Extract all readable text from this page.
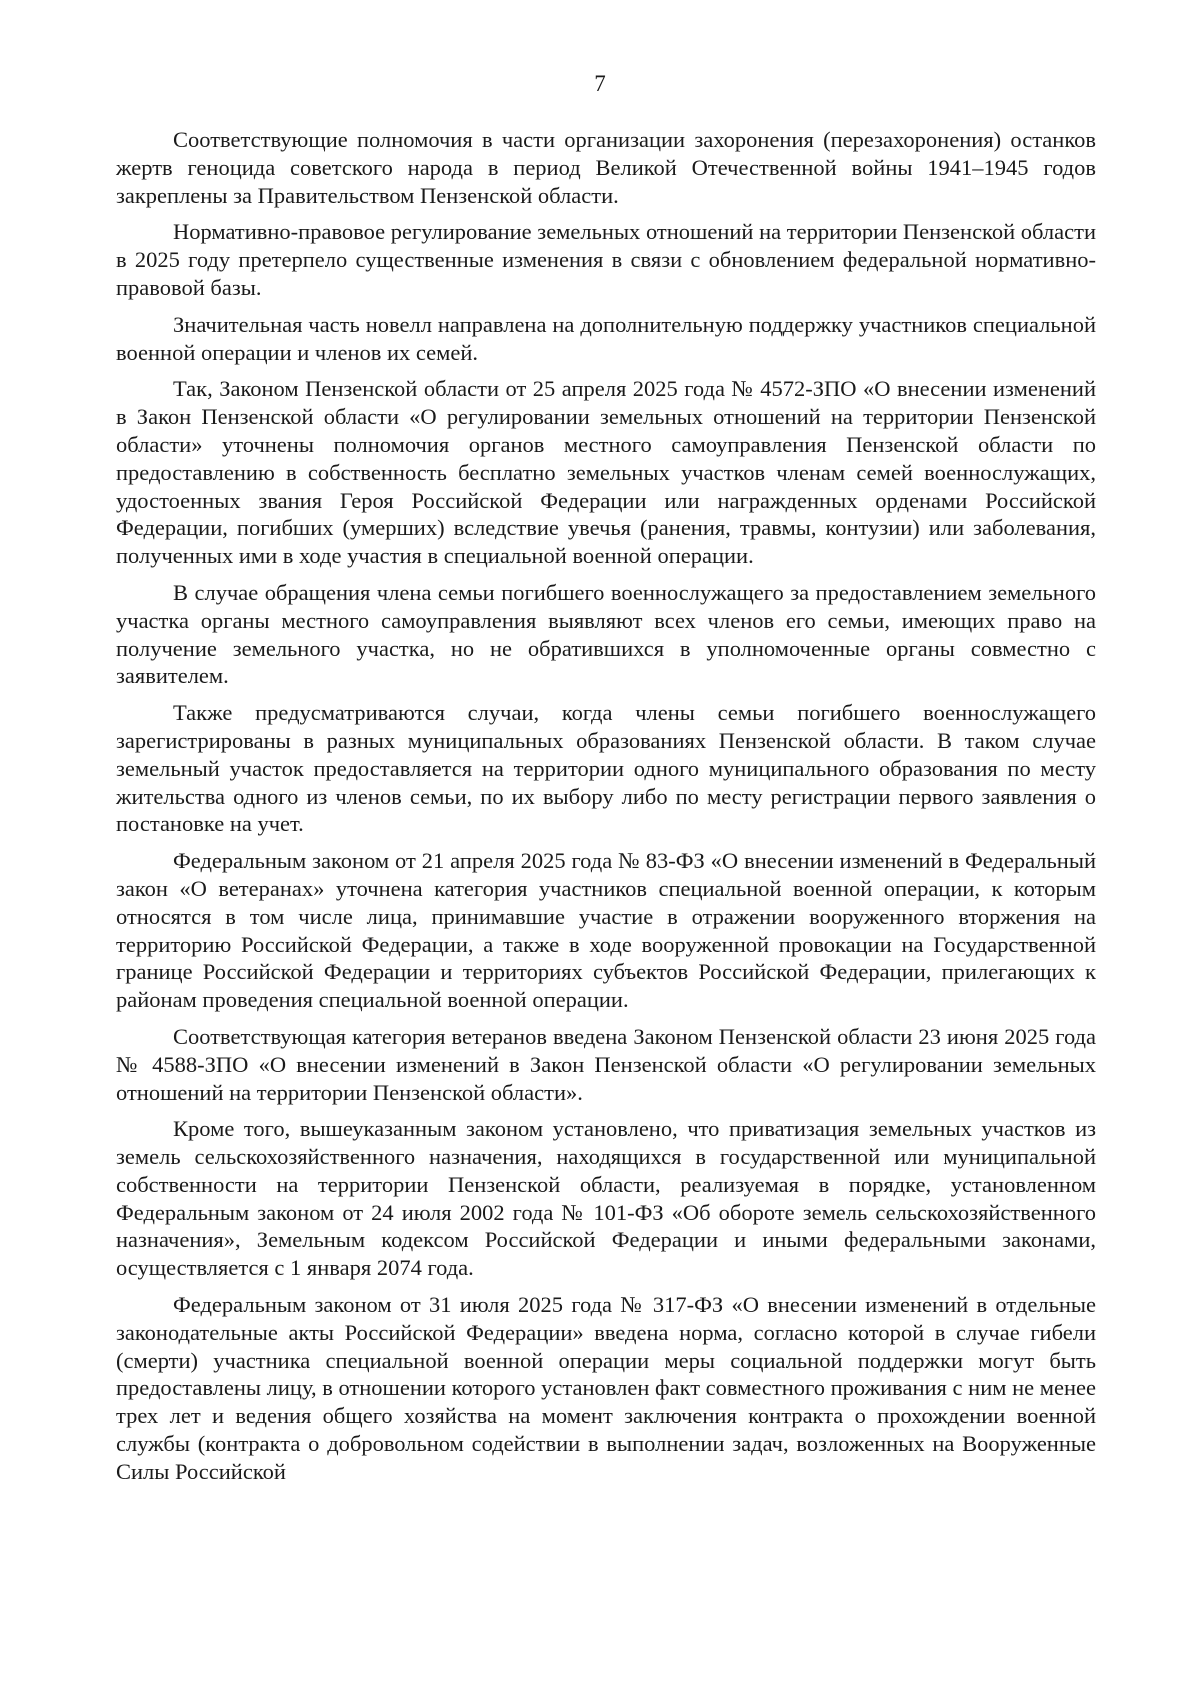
7

Соответствующие полномочия в части организации захоронения (перезахоронения) останков жертв геноцида советского народа в период Великой Отечественной войны 1941–1945 годов закреплены за Правительством Пензенской области.

Нормативно-правовое регулирование земельных отношений на территории Пензенской области в 2025 году претерпело существенные изменения в связи с обновлением федеральной нормативно-правовой базы.

Значительная часть новелл направлена на дополнительную поддержку участников специальной военной операции и членов их семей.

Так, Законом Пензенской области от 25 апреля 2025 года № 4572-ЗПО «О внесении изменений в Закон Пензенской области «О регулировании земельных отношений на территории Пензенской области» уточнены полномочия органов местного самоуправления Пензенской области по предоставлению в собственность бесплатно земельных участков членам семей военнослужащих, удостоенных звания Героя Российской Федерации или награжденных орденами Российской Федерации, погибших (умерших) вследствие увечья (ранения, травмы, контузии) или заболевания, полученных ими в ходе участия в специальной военной операции.

В случае обращения члена семьи погибшего военнослужащего за предоставлением земельного участка органы местного самоуправления выявляют всех членов его семьи, имеющих право на получение земельного участка, но не обратившихся в уполномоченные органы совместно с заявителем.

Также предусматриваются случаи, когда члены семьи погибшего военнослужащего зарегистрированы в разных муниципальных образованиях Пензенской области. В таком случае земельный участок предоставляется на территории одного муниципального образования по месту жительства одного из членов семьи, по их выбору либо по месту регистрации первого заявления о постановке на учет.

Федеральным законом от 21 апреля 2025 года № 83-ФЗ «О внесении изменений в Федеральный закон «О ветеранах» уточнена категория участников специальной военной операции, к которым относятся в том числе лица, принимавшие участие в отражении вооруженного вторжения на территорию Российской Федерации, а также в ходе вооруженной провокации на Государственной границе Российской Федерации и территориях субъектов Российской Федерации, прилегающих к районам проведения специальной военной операции.

Соответствующая категория ветеранов введена Законом Пензенской области 23 июня 2025 года № 4588-ЗПО «О внесении изменений в Закон Пензенской области «О регулировании земельных отношений на территории Пензенской области».

Кроме того, вышеуказанным законом установлено, что приватизация земельных участков из земель сельскохозяйственного назначения, находящихся в государственной или муниципальной собственности на территории Пензенской области, реализуемая в порядке, установленном Федеральным законом от 24 июля 2002 года № 101-ФЗ «Об обороте земель сельскохозяйственного назначения», Земельным кодексом Российской Федерации и иными федеральными законами, осуществляется с 1 января 2074 года.

Федеральным законом от 31 июля 2025 года № 317-ФЗ «О внесении изменений в отдельные законодательные акты Российской Федерации» введена норма, согласно которой в случае гибели (смерти) участника специальной военной операции меры социальной поддержки могут быть предоставлены лицу, в отношении которого установлен факт совместного проживания с ним не менее трех лет и ведения общего хозяйства на момент заключения контракта о прохождении военной службы (контракта о добровольном содействии в выполнении задач, возложенных на Вооруженные Силы Российской
